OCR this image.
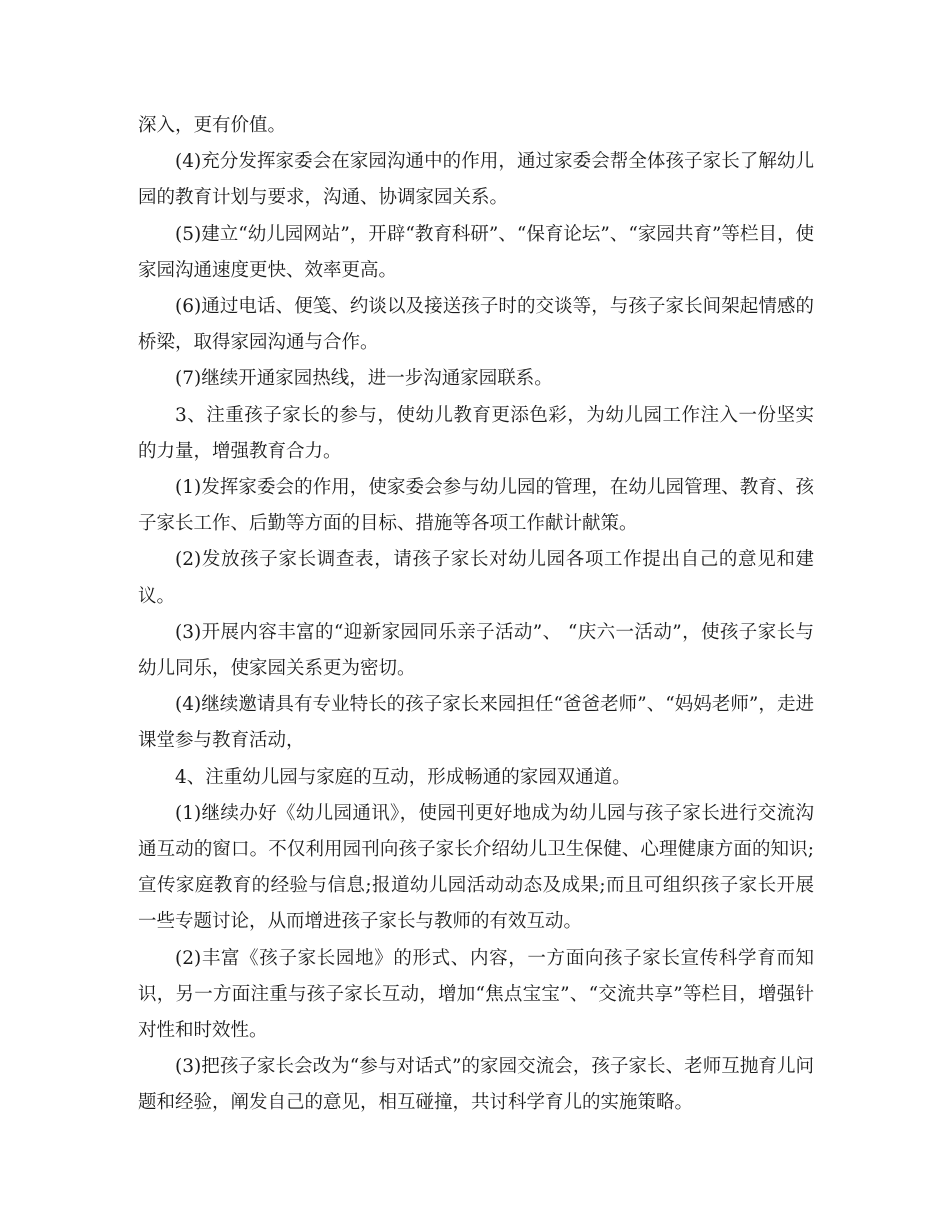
深入，更有价值。

(4)充分发挥家委会在家园沟通中的作用，通过家委会帮全体孩子家长了解幼儿园的教育计划与要求，沟通、协调家园关系。

(5)建立“幼儿园网站”，开辟“教育科研”、“保育论坛”、“家园共育”等栏目，使家园沟通速度更快、效率更高。

(6)通过电话、便笺、约谈以及接送孩子时的交谈等，与孩子家长间架起情感的桥梁，取得家园沟通与合作。

(7)继续开通家园热线，进一步沟通家园联系。

3、注重孩子家长的参与，使幼儿教育更添色彩，为幼儿园工作注入一份坚实的力量，增强教育合力。

(1)发挥家委会的作用，使家委会参与幼儿园的管理，在幼儿园管理、教育、孩子家长工作、后勤等方面的目标、措施等各项工作献计献策。

(2)发放孩子家长调查表，请孩子家长对幼儿园各项工作提出自己的意见和建议。

(3)开展内容丰富的“迎新家园同乐亲子活动”、 “庆六一活动”，使孩子家长与幼儿同乐，使家园关系更为密切。

(4)继续邀请具有专业特长的孩子家长来园担任“爸爸老师”、“妈妈老师”，走进课堂参与教育活动，

4、注重幼儿园与家庭的互动，形成畅通的家园双通道。

(1)继续办好《幼儿园通讯》，使园刊更好地成为幼儿园与孩子家长进行交流沟通互动的窗口。不仅利用园刊向孩子家长介绍幼儿卫生保健、心理健康方面的知识;宣传家庭教育的经验与信息;报道幼儿园活动动态及成果;而且可组织孩子家长开展一些专题讨论，从而增进孩子家长与教师的有效互动。

(2)丰富《孩子家长园地》的形式、内容，一方面向孩子家长宣传科学育而知识，另一方面注重与孩子家长互动，增加“焦点宝宝”、“交流共享”等栏目，增强针对性和时效性。

(3)把孩子家长会改为“参与对话式”的家园交流会，孩子家长、老师互抛育儿问题和经验，阐发自己的意见，相互碰撞，共讨科学育儿的实施策略。
